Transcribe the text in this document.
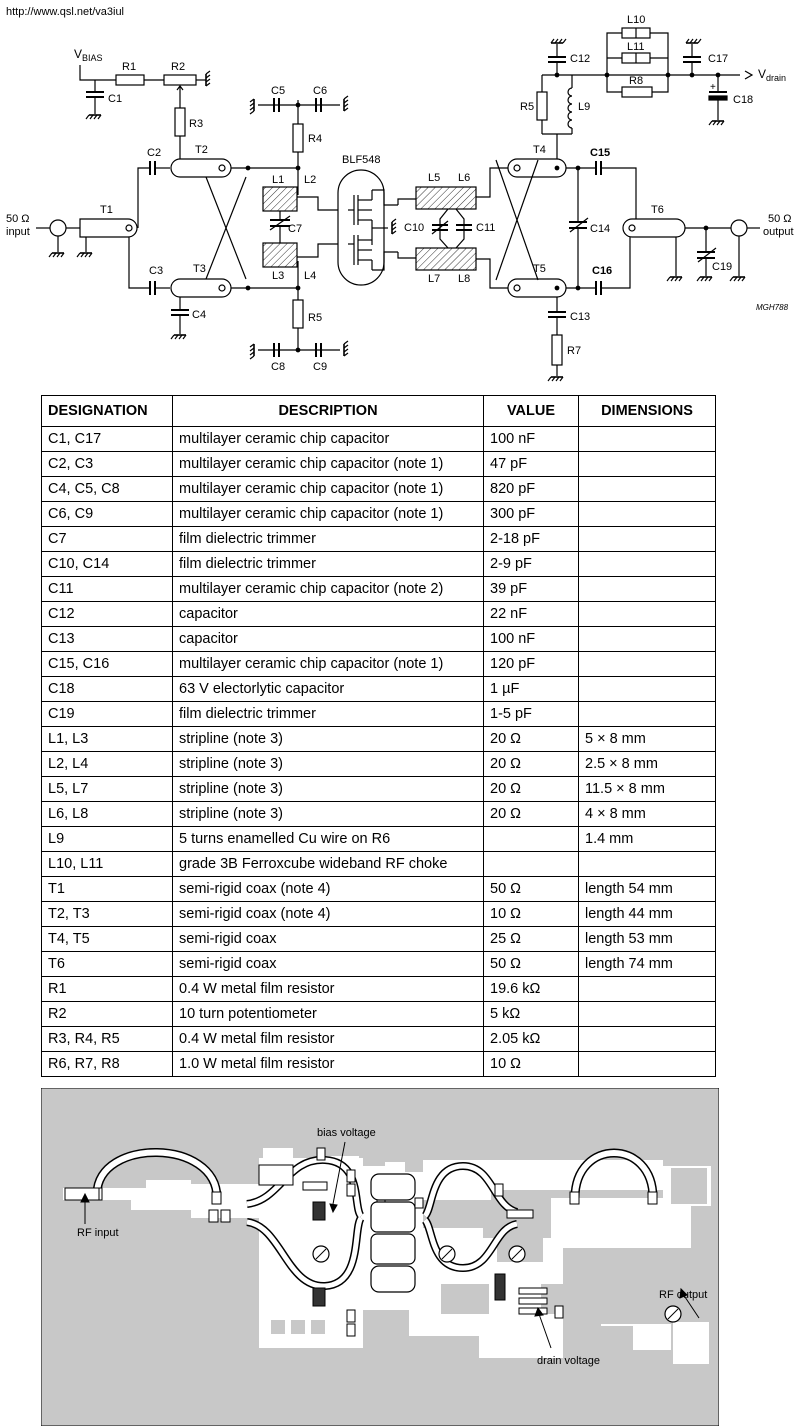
http://www.qsl.net/va3iul
$V_{BIAS}$
R1	R2
C1
R3
50 Ω input
T1
C2
C3
T2
T3
C4
R4
C5	C6
L1 L2
L3 L4
C7
R5
C8	C9
BLF548
L5 L6
L7 L8
C10	C11
T4
T5
C14
C15
C16
T6
C19
50 Ω output
MGH788
C13
R7
R5	L9
C12
L10
L11
R8
C17
+
C18
$V_{drain}$
DESIGNATION	DESCRIPTION	VALUE	DIMENSIONS
C1, C17	multilayer ceramic chip capacitor	100 nF	
C2, C3	multilayer ceramic chip capacitor (note 1)	47 pF	
C4, C5, C8	multilayer ceramic chip capacitor (note 1)	820 pF	
C6, C9	multilayer ceramic chip capacitor (note 1)	300 pF	
C7	film dielectric trimmer	2-18 pF	
C10, C14	film dielectric trimmer	2-9 pF	
C11	multilayer ceramic chip capacitor (note 2)	39 pF	
C12	capacitor	22 nF	
C13	capacitor	100 nF	
C15, C16	multilayer ceramic chip capacitor (note 1)	120 pF	
C18	63 V electorlytic capacitor	1 µF	
C19	film dielectric trimmer	1-5 pF	
L1, L3	stripline (note 3)	20 Ω	5 × 8 mm
L2, L4	stripline (note 3)	20 Ω	2.5 × 8 mm
L5, L7	stripline (note 3)	20 Ω	11.5 × 8 mm
L6, L8	stripline (note 3)	20 Ω	4 × 8 mm
L9	5 turns enamelled Cu wire on R6		1.4 mm
L10, L11	grade 3B Ferroxcube wideband RF choke		
T1	semi-rigid coax (note 4)	50 Ω	length 54 mm
T2, T3	semi-rigid coax (note 4)	10 Ω	length 44 mm
T4, T5	semi-rigid coax	25 Ω	length 53 mm
T6	semi-rigid coax	50 Ω	length 74 mm
R1	0.4 W metal film resistor	19.6 kΩ	
R2	10 turn potentiometer	5 kΩ	
R3, R4, R5	0.4 W metal film resistor	2.05 kΩ	
R6, R7, R8	1.0 W metal film resistor	10 Ω	
bias voltage
drain voltage
RF input
RF output
